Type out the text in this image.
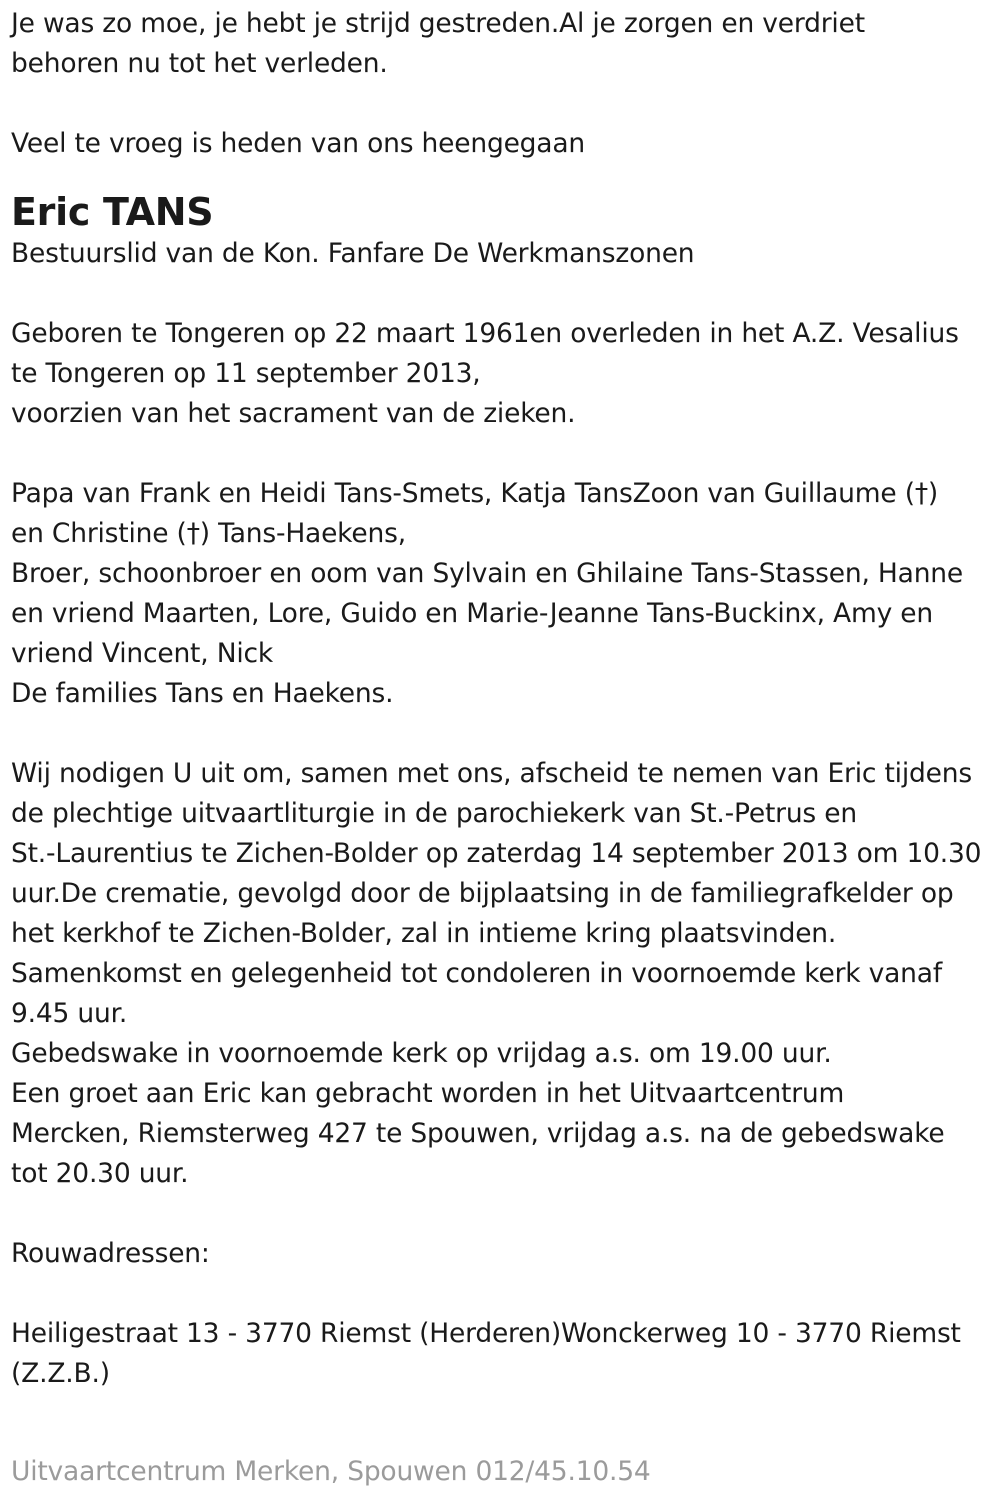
Je was zo moe, je hebt je strijd gestreden.Al je zorgen en verdriet
behoren nu tot het verleden.
Veel te vroeg is heden van ons heengegaan
Eric TANS
Bestuurslid van de Kon. Fanfare De Werkmanszonen
Geboren te Tongeren op 22 maart 1961en overleden in het A.Z. Vesalius
te Tongeren op 11 september 2013,
voorzien van het sacrament van de zieken.
Papa van Frank en Heidi Tans-Smets, Katja TansZoon van Guillaume (†)
en Christine (†) Tans-Haekens,
Broer, schoonbroer en oom van Sylvain en Ghilaine Tans-Stassen, Hanne
en vriend Maarten, Lore, Guido en Marie-Jeanne Tans-Buckinx, Amy en
vriend Vincent, Nick
De families Tans en Haekens.
Wij nodigen U uit om, samen met ons, afscheid te nemen van Eric tijdens
de plechtige uitvaartliturgie in de parochiekerk van St.-Petrus en
St.-Laurentius te Zichen-Bolder op zaterdag 14 september 2013 om 10.30
uur.De crematie, gevolgd door de bijplaatsing in de familiegrafkelder op
het kerkhof te Zichen-Bolder, zal in intieme kring plaatsvinden.
Samenkomst en gelegenheid tot condoleren in voornoemde kerk vanaf
9.45 uur.
Gebedswake in voornoemde kerk op vrijdag a.s. om 19.00 uur.
Een groet aan Eric kan gebracht worden in het Uitvaartcentrum
Mercken, Riemsterweg 427 te Spouwen, vrijdag a.s. na de gebedswake
tot 20.30 uur.
Rouwadressen:
Heiligestraat 13 - 3770 Riemst (Herderen)Wonckerweg 10 - 3770 Riemst
(Z.Z.B.)
Uitvaartcentrum Merken, Spouwen 012/45.10.54
